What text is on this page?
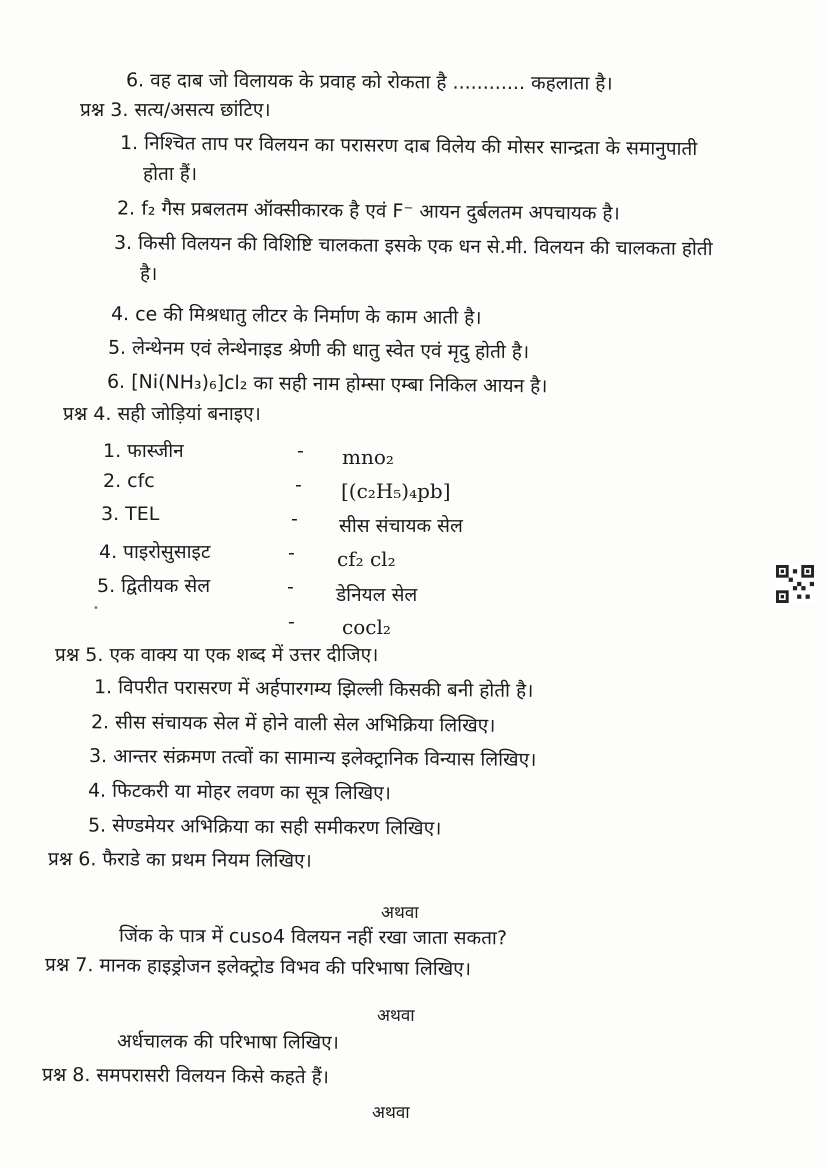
6. वह दाब जो विलायक के प्रवाह को रोकता है ............ कहलाता है।
प्रश्न 3. सत्य/असत्य छांटिए।
1. निश्चित ताप पर विलयन का परासरण दाब विलेय की मोसर सान्द्रता के समानुपाती
होता हैं।
2. f₂ गैस प्रबलतम ऑक्सीकारक है एवं F⁻ आयन दुर्बलतम अपचायक है।
3. किसी विलयन की विशिष्टि चालकता इसके एक धन से.मी. विलयन की चालकता होती
है।
4. ce की मिश्रधातु लीटर के निर्माण के काम आती है।
5. लेन्थेनम एवं लेन्थेनाइड श्रेणी की धातु स्वेत एवं मृदु होती है।
6. [Ni(NH₃)₆]cl₂ का सही नाम होम्सा एम्बा निकिल आयन है।
प्रश्न 4. सही जोड़ियां बनाइए।
1. फास्जीन
2. cfc
3. TEL
4. पाइरोसुसाइट
5. द्वितीयक सेल
-
-
-
-
-
-
mno₂
[(c₂H₅)₄pb]
सीस संचायक सेल
cf₂ cl₂
डेनियल सेल
cocl₂
•
प्रश्न 5. एक वाक्य या एक शब्द में उत्तर दीजिए।
1. विपरीत परासरण में अर्हपारगम्य झिल्ली किसकी बनी होती है।
2. सीस संचायक सेल में होने वाली सेल अभिक्रिया लिखिए।
3. आन्तर संक्रमण तत्वों का सामान्य इलेक्ट्रानिक विन्यास लिखिए।
4. फिटकरी या मोहर लवण का सूत्र लिखिए।
5. सेण्डमेयर अभिक्रिया का सही समीकरण लिखिए।
प्रश्न 6. फैराडे का प्रथम नियम लिखिए।
अथवा
जिंक के पात्र में cuso4 विलयन नहीं रखा जाता सकता?
प्रश्न 7. मानक हाइड्रोजन इलेक्ट्रोड विभव की परिभाषा लिखिए।
अथवा
अर्धचालक की परिभाषा लिखिए।
प्रश्न 8. समपरासरी विलयन किसे कहते हैं।
अथवा
